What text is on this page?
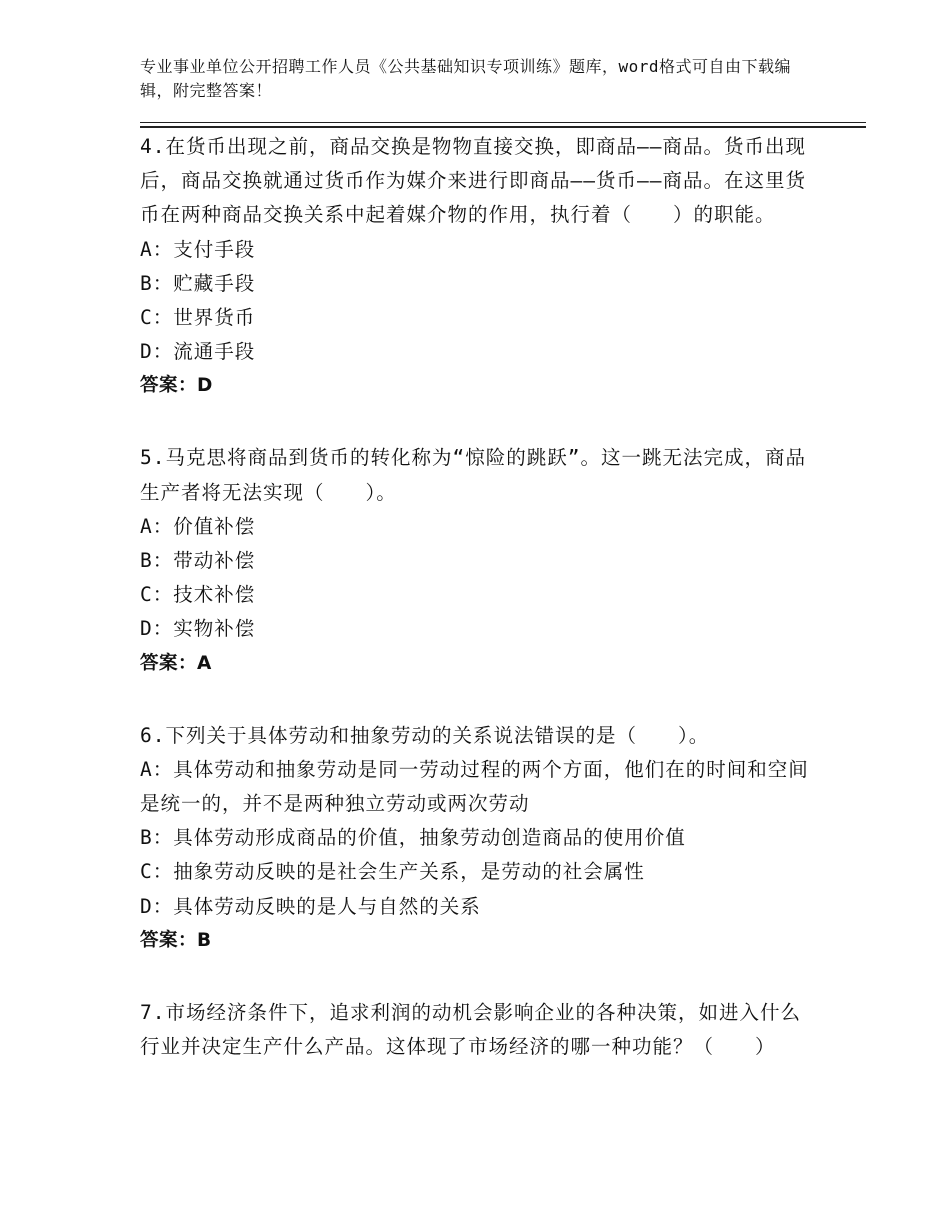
专业事业单位公开招聘工作人员《公共基础知识专项训练》题库，word格式可自由下载编辑，附完整答案！

4.在货币出现之前，商品交换是物物直接交换，即商品——商品。货币出现后，商品交换就通过货币作为媒介来进行即商品——货币——商品。在这里货币在两种商品交换关系中起着媒介物的作用，执行着（　　）的职能。

A：支付手段

B：贮藏手段

C：世界货币

D：流通手段

答案：D

5.马克思将商品到货币的转化称为“惊险的跳跃”。这一跳无法完成，商品生产者将无法实现（　　）。

A：价值补偿

B：带动补偿

C：技术补偿

D：实物补偿

答案：A

6.下列关于具体劳动和抽象劳动的关系说法错误的是（　　）。

A：具体劳动和抽象劳动是同一劳动过程的两个方面，他们在的时间和空间是统一的，并不是两种独立劳动或两次劳动

B：具体劳动形成商品的价值，抽象劳动创造商品的使用价值

C：抽象劳动反映的是社会生产关系，是劳动的社会属性

D：具体劳动反映的是人与自然的关系

答案：B

7.市场经济条件下，追求利润的动机会影响企业的各种决策，如进入什么行业并决定生产什么产品。这体现了市场经济的哪一种功能？（　　）
